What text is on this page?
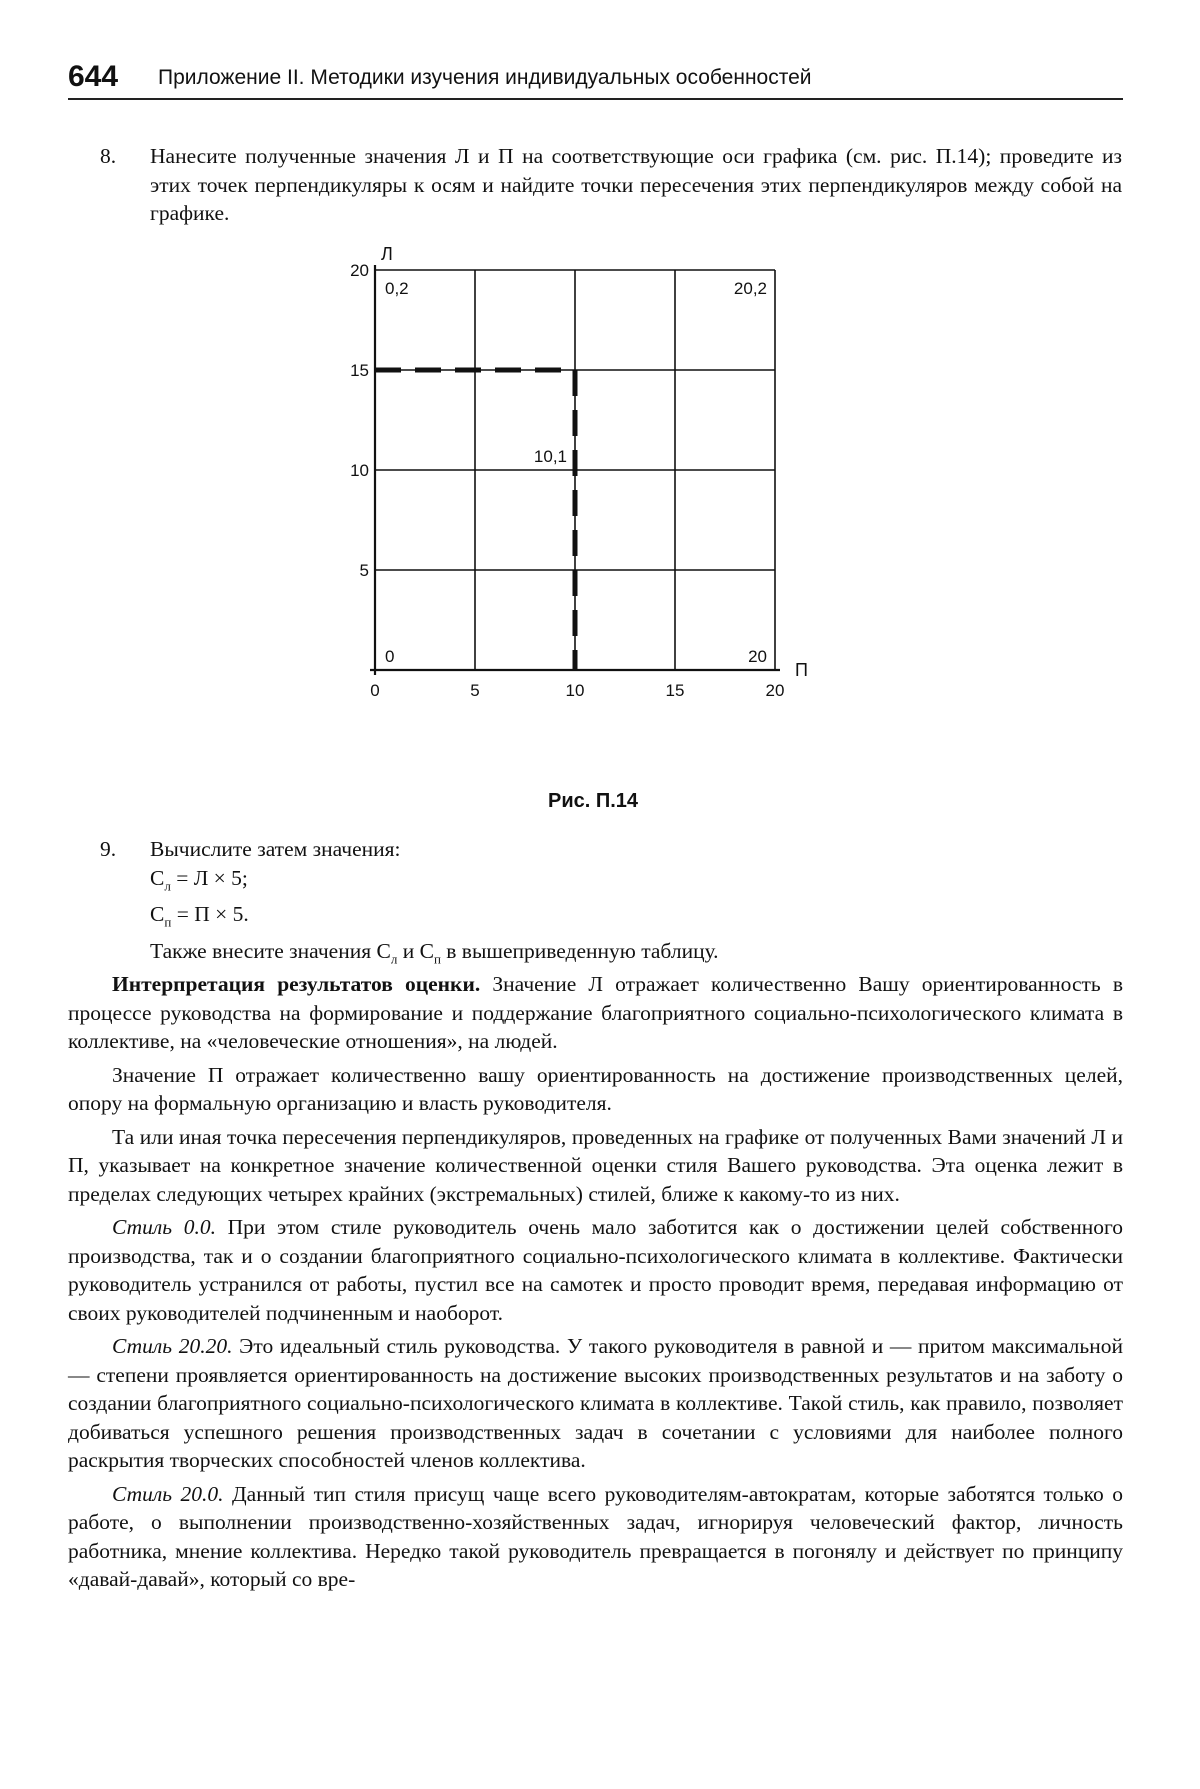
644 Приложение II. Методики изучения индивидуальных особенностей
8. Нанесите полученные значения Л и П на соответствующие оси графика (см. рис. П.14); проведите из этих точек перпендикуляры к осям и найдите точки пересечения этих перпендикуляров между собой на графике.
20
15
10
5
0	5	10	15	20
Л
П
0,2	20,2
10,1
0	20
Рис. П.14
9. Вычислите затем значения:
$С_л = Л \times 5$;
$С_п = П \times 5$.
Также внесите значения $С_л$ и $С_п$ в вышеприведенную таблицу.

Интерпретация результатов оценки. Значение Л отражает количественно Вашу ориентированность в процессе руководства на формирование и поддержание благоприятного социально-психологического климата в коллективе, на «человеческие отношения», на людей.

Значение П отражает количественно вашу ориентированность на достижение производственных целей, опору на формальную организацию и власть руководителя.

Та или иная точка пересечения перпендикуляров, проведенных на графике от полученных Вами значений Л и П, указывает на конкретное значение количественной оценки стиля Вашего руководства. Эта оценка лежит в пределах следующих четырех крайних (экстремальных) стилей, ближе к какому-то из них.

Стиль 0.0. При этом стиле руководитель очень мало заботится как о достижении целей собственного производства, так и о создании благоприятного социально-психологического климата в коллективе. Фактически руководитель устранился от работы, пустил все на самотек и просто проводит время, передавая информацию от своих руководителей подчиненным и наоборот.

Стиль 20.20. Это идеальный стиль руководства. У такого руководителя в равной и — притом максимальной — степени проявляется ориентированность на достижение высоких производственных результатов и на заботу о создании благоприятного социально-психологического климата в коллективе. Такой стиль, как правило, позволяет добиваться успешного решения производственных задач в сочетании с условиями для наиболее полного раскрытия творческих способностей членов коллектива.

Стиль 20.0. Данный тип стиля присущ чаще всего руководителям-автократам, которые заботятся только о работе, о выполнении производственно-хозяйственных задач, игнорируя человеческий фактор, личность работника, мнение коллектива. Нередко такой руководитель превращается в погонялу и действует по принципу «давай-давай», который со вре-
